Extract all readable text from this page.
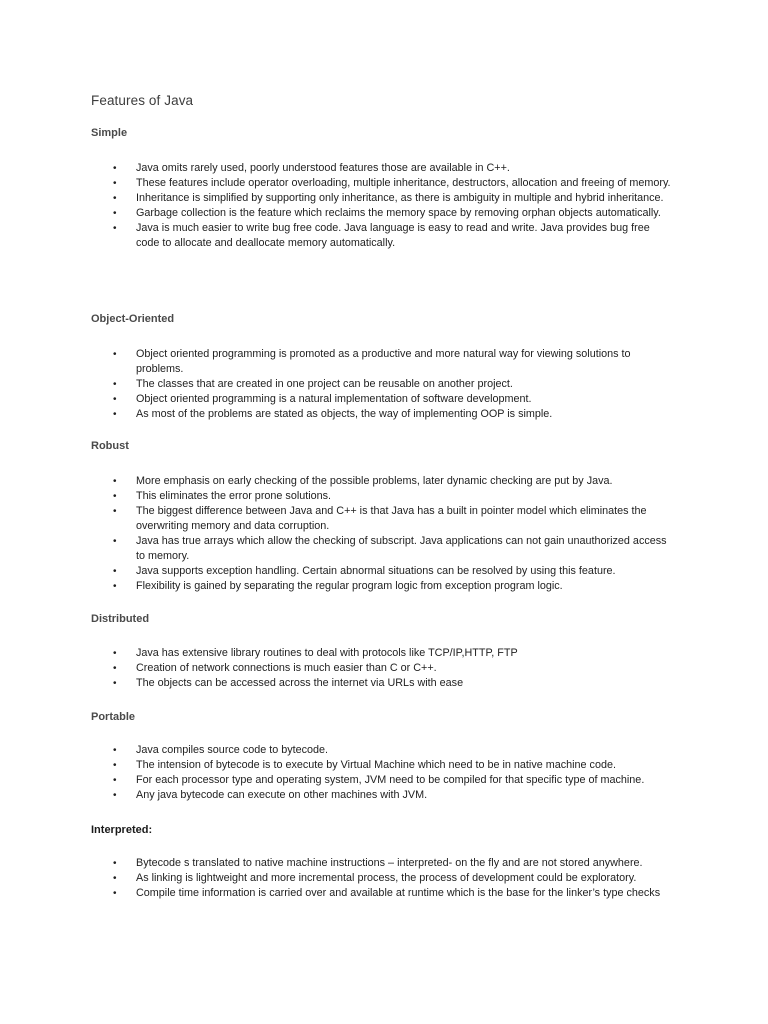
Features of Java
Simple
• Java omits rarely used, poorly understood features those are available in C++.
• These features include operator overloading, multiple inheritance, destructors, allocation and freeing of memory.
• Inheritance is simplified by supporting only inheritance, as there is ambiguity in multiple and hybrid inheritance.
• Garbage collection is the feature which reclaims the memory space by removing orphan objects automatically.
• Java is much easier to write bug free code. Java language is easy to read and write. Java provides bug free code to allocate and deallocate memory automatically.
Object-Oriented
• Object oriented programming is promoted as a productive and more natural way for viewing solutions to problems.
• The classes that are created in one project can be reusable on another project.
• Object oriented programming is a natural implementation of software development.
• As most of the problems are stated as objects, the way of implementing OOP is simple.
Robust
• More emphasis on early checking of the possible problems, later dynamic checking are put by Java.
• This eliminates the error prone solutions.
• The biggest difference between Java and C++ is that Java has a built in pointer model which eliminates the overwriting memory and data corruption.
• Java has true arrays which allow the checking of subscript. Java applications can not gain unauthorized access to memory.
• Java supports exception handling. Certain abnormal situations can be resolved by using this feature.
• Flexibility is gained by separating the regular program logic from exception program logic.
Distributed
• Java has extensive library routines to deal with protocols like TCP/IP,HTTP, FTP
• Creation of network connections is much easier than C or C++.
• The objects can be accessed across the internet via URLs with ease
Portable
• Java compiles source code to bytecode.
• The intension of bytecode is to execute by Virtual Machine which need to be in native machine code.
• For each processor type and operating system, JVM need to be compiled for that specific type of machine.
• Any java bytecode can execute on other machines with JVM.
Interpreted:
• Bytecode s translated to native machine instructions – interpreted- on the fly and are not stored anywhere.
• As linking is lightweight and more incremental process, the process of development could be exploratory.
• Compile time information is carried over and available at runtime which is the base for the linker’s type checks
